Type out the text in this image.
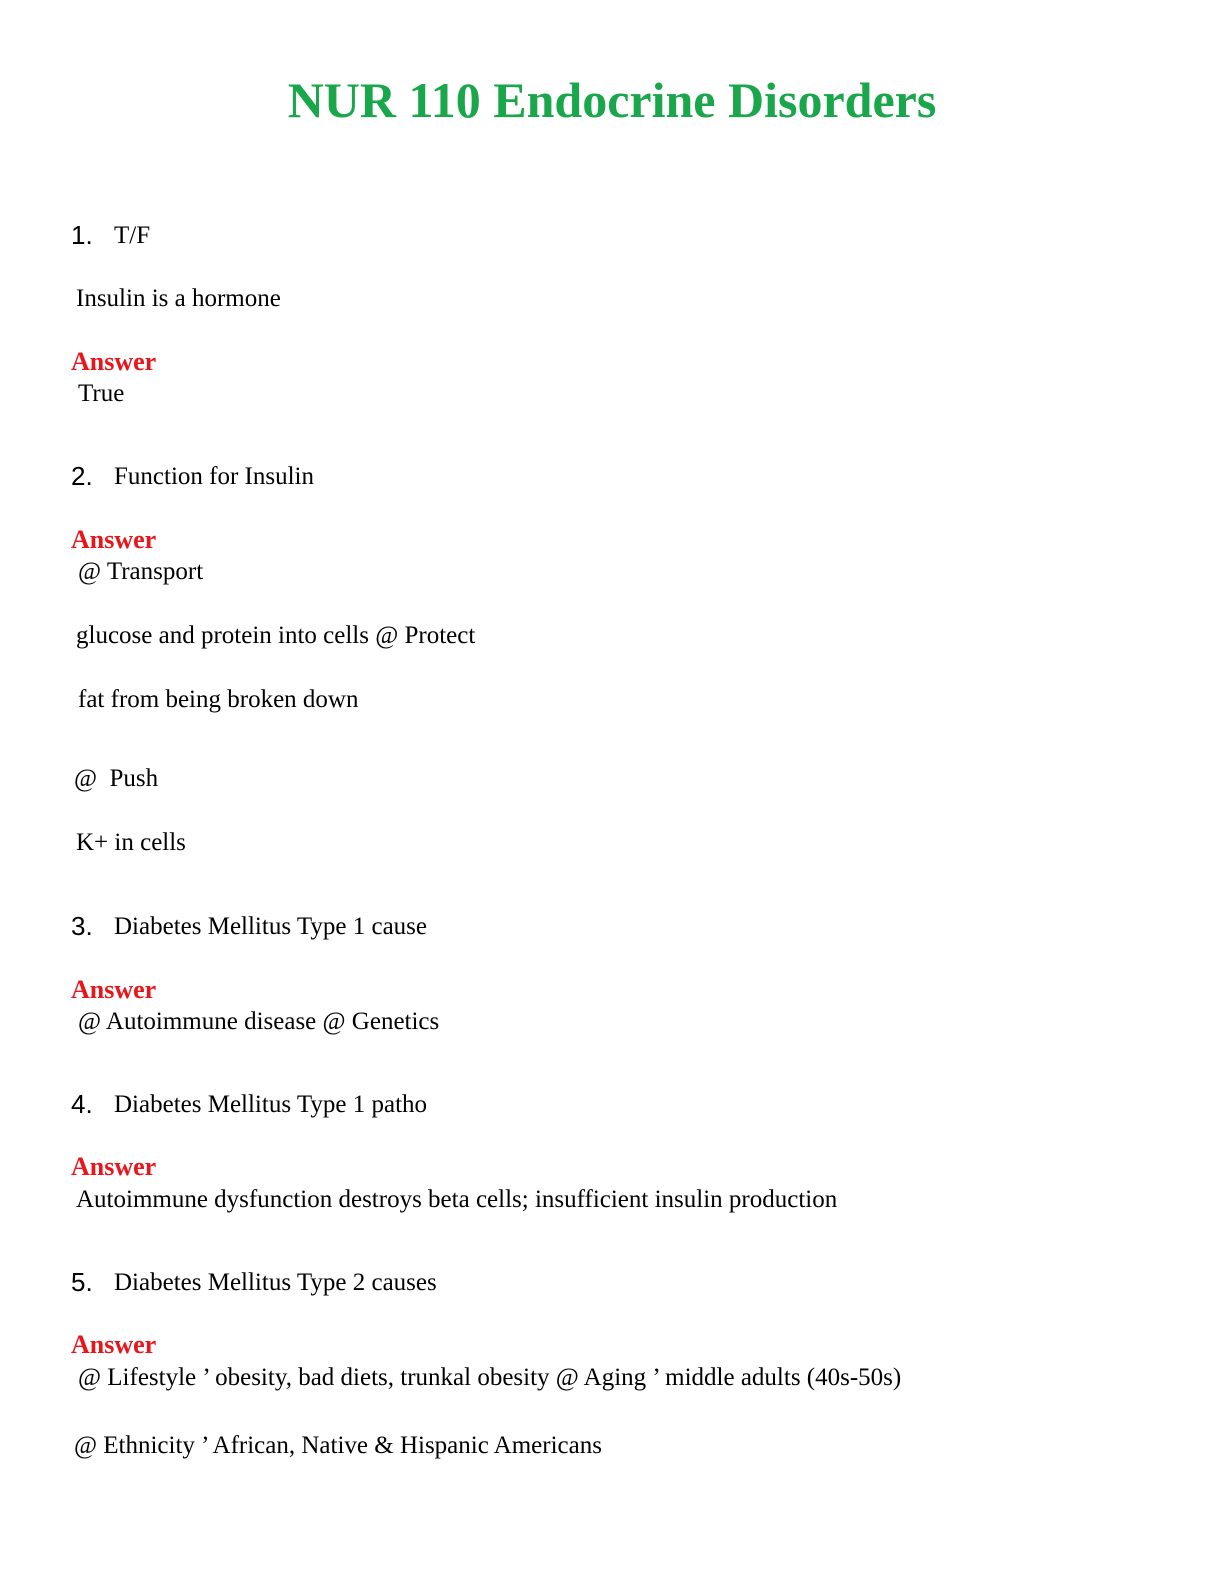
NUR 110 Endocrine Disorders
1. T/F
Insulin is a hormone
Answer
True
2. Function for Insulin
Answer
@ Transport
glucose and protein into cells @ Protect
fat from being broken down
@  Push
K+ in cells
3. Diabetes Mellitus Type 1 cause
Answer
@ Autoimmune disease @ Genetics
4. Diabetes Mellitus Type 1 patho
Answer
Autoimmune dysfunction destroys beta cells; insufficient insulin production
5. Diabetes Mellitus Type 2 causes
Answer
@ Lifestyle ’ obesity, bad diets, trunkal obesity @ Aging ’ middle adults (40s-50s)
@ Ethnicity ’ African, Native & Hispanic Americans
